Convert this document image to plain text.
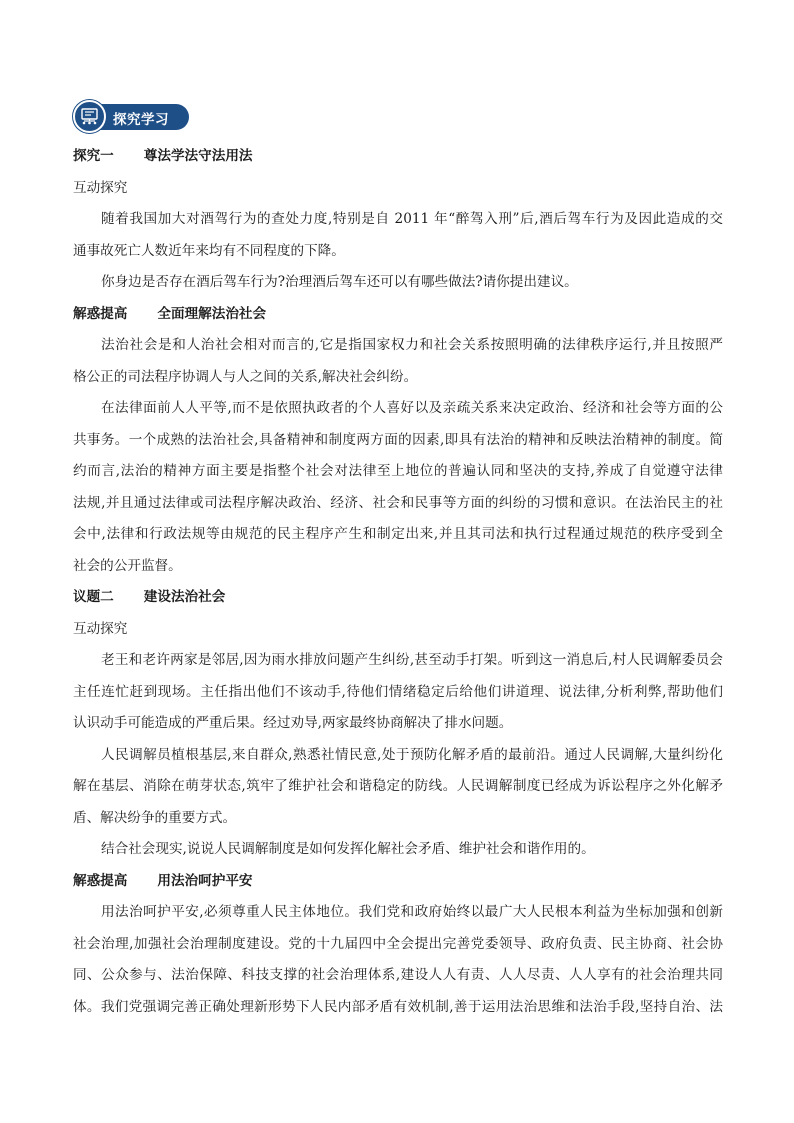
探究学习
探究一 尊法学法守法用法
互动探究
随着我国加大对酒驾行为的查处力度,特别是自 2011 年“醉驾入刑”后,酒后驾车行为及因此造成的交
通事故死亡人数近年来均有不同程度的下降。
你身边是否存在酒后驾车行为?治理酒后驾车还可以有哪些做法?请你提出建议。
解惑提高 全面理解法治社会
法治社会是和人治社会相对而言的,它是指国家权力和社会关系按照明确的法律秩序运行,并且按照严
格公正的司法程序协调人与人之间的关系,解决社会纠纷。
在法律面前人人平等,而不是依照执政者的个人喜好以及亲疏关系来决定政治、经济和社会等方面的公
共事务。一个成熟的法治社会,具备精神和制度两方面的因素,即具有法治的精神和反映法治精神的制度。简
约而言,法治的精神方面主要是指整个社会对法律至上地位的普遍认同和坚决的支持,养成了自觉遵守法律
法规,并且通过法律或司法程序解决政治、经济、社会和民事等方面的纠纷的习惯和意识。在法治民主的社
会中,法律和行政法规等由规范的民主程序产生和制定出来,并且其司法和执行过程通过规范的秩序受到全
社会的公开监督。
议题二 建设法治社会
互动探究
老王和老许两家是邻居,因为雨水排放问题产生纠纷,甚至动手打架。听到这一消息后,村人民调解委员会
主任连忙赶到现场。主任指出他们不该动手,待他们情绪稳定后给他们讲道理、说法律,分析利弊,帮助他们
认识动手可能造成的严重后果。经过劝导,两家最终协商解决了排水问题。
人民调解员植根基层,来自群众,熟悉社情民意,处于预防化解矛盾的最前沿。通过人民调解,大量纠纷化
解在基层、消除在萌芽状态,筑牢了维护社会和谐稳定的防线。人民调解制度已经成为诉讼程序之外化解矛
盾、解决纷争的重要方式。
结合社会现实,说说人民调解制度是如何发挥化解社会矛盾、维护社会和谐作用的。
解惑提高 用法治呵护平安
用法治呵护平安,必须尊重人民主体地位。我们党和政府始终以最广大人民根本利益为坐标加强和创新
社会治理,加强社会治理制度建设。党的十九届四中全会提出完善党委领导、政府负责、民主协商、社会协
同、公众参与、法治保障、科技支撑的社会治理体系,建设人人有责、人人尽责、人人享有的社会治理共同
体。我们党强调完善正确处理新形势下人民内部矛盾有效机制,善于运用法治思维和法治手段,坚持自治、法
